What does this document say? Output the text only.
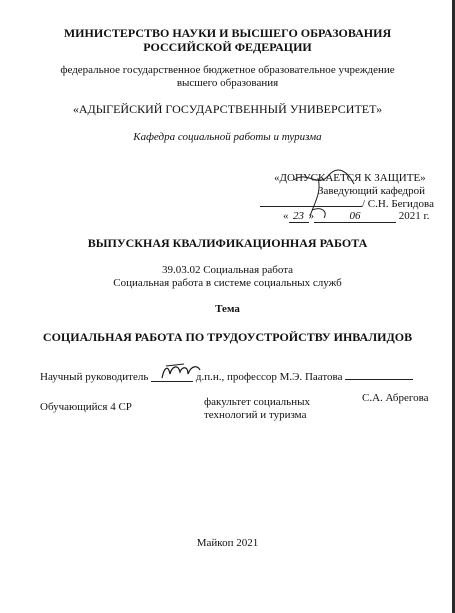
МИНИСТЕРСТВО НАУКИ И ВЫСШЕГО ОБРАЗОВАНИЯ
РОССИЙСКОЙ ФЕДЕРАЦИИ
федеральное государственное бюджетное образовательное учреждение
высшего образования
«АДЫГЕЙСКИЙ ГОСУДАРСТВЕННЫЙ УНИВЕРСИТЕТ»
Кафедра социальной работы и туризма
«ДОПУСКАЕТСЯ К ЗАЩИТЕ»
Заведующий кафедрой
/ С.Н. Бегидова
« 23 »	06	2021 г.
ВЫПУСКНАЯ КВАЛИФИКАЦИОННАЯ РАБОТА
39.03.02 Социальная работа
Социальная работа в системе социальных служб
Тема
СОЦИАЛЬНАЯ РАБОТА ПО ТРУДОУСТРОЙСТВУ ИНВАЛИДОВ
Научный руководитель	д.п.н., профессор М.Э. Паатова
Обучающийся 4 СР	факультет социальных
технологий и туризма
С.А. Абрегова
Майкоп 2021
